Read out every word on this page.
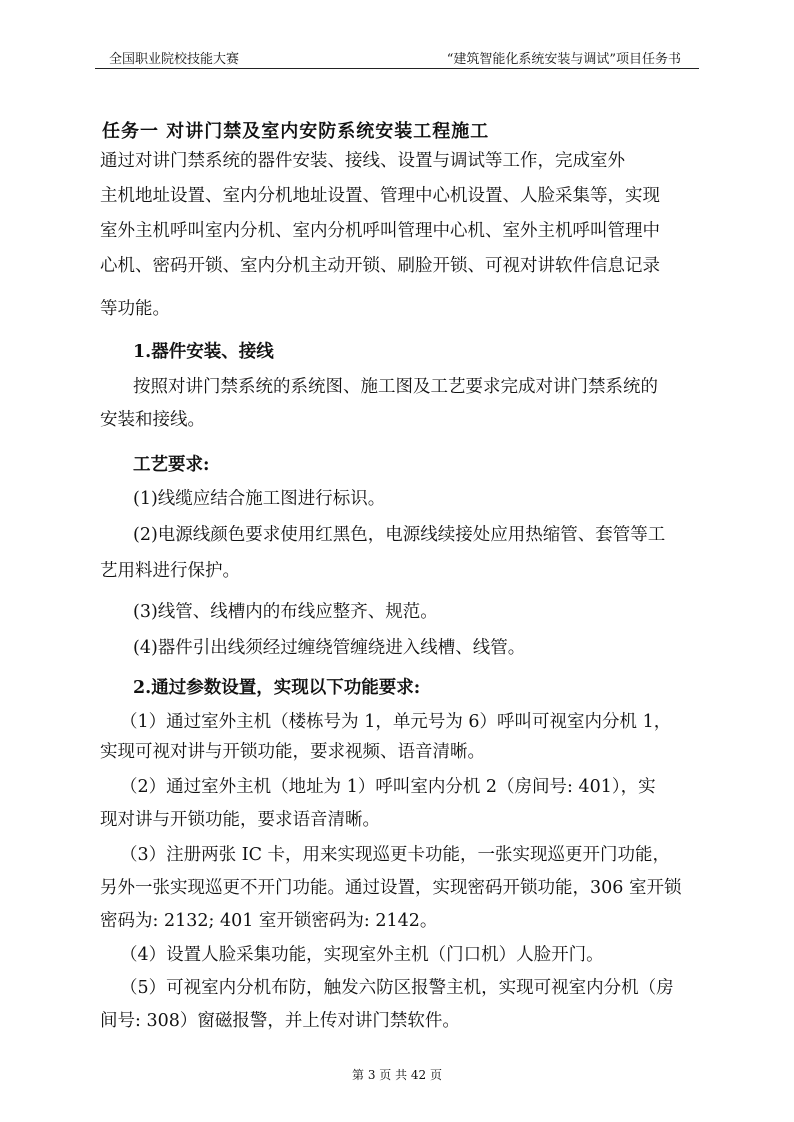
全国职业院校技能大赛	“建筑智能化系统安装与调试”项目任务书

任务一 对讲门禁及室内安防系统安装工程施工

通过对讲门禁系统的器件安装、接线、设置与调试等工作，完成室外

主机地址设置、室内分机地址设置、管理中心机设置、人脸采集等，实现

室外主机呼叫室内分机、室内分机呼叫管理中心机、室外主机呼叫管理中

心机、密码开锁、室内分机主动开锁、刷脸开锁、可视对讲软件信息记录

等功能。

1.器件安装、接线

按照对讲门禁系统的系统图、施工图及工艺要求完成对讲门禁系统的

安装和接线。

工艺要求:

(1)线缆应结合施工图进行标识。

(2)电源线颜色要求使用红黑色，电源线续接处应用热缩管、套管等工

艺用料进行保护。

(3)线管、线槽内的布线应整齐、规范。

(4)器件引出线须经过缠绕管缠绕进入线槽、线管。

2.通过参数设置，实现以下功能要求:

（1）通过室外主机（楼栋号为 1，单元号为 6）呼叫可视室内分机 1，

实现可视对讲与开锁功能，要求视频、语音清晰。

（2）通过室外主机（地址为 1）呼叫室内分机 2（房间号: 401），实

现对讲与开锁功能，要求语音清晰。

（3）注册两张 IC 卡，用来实现巡更卡功能，一张实现巡更开门功能，

另外一张实现巡更不开门功能。通过设置，实现密码开锁功能，306 室开锁

密码为: 2132; 401 室开锁密码为: 2142。

（4）设置人脸采集功能，实现室外主机（门口机）人脸开门。

（5）可视室内分机布防，触发六防区报警主机，实现可视室内分机（房

间号: 308）窗磁报警，并上传对讲门禁软件。

第 3 页 共 42 页
